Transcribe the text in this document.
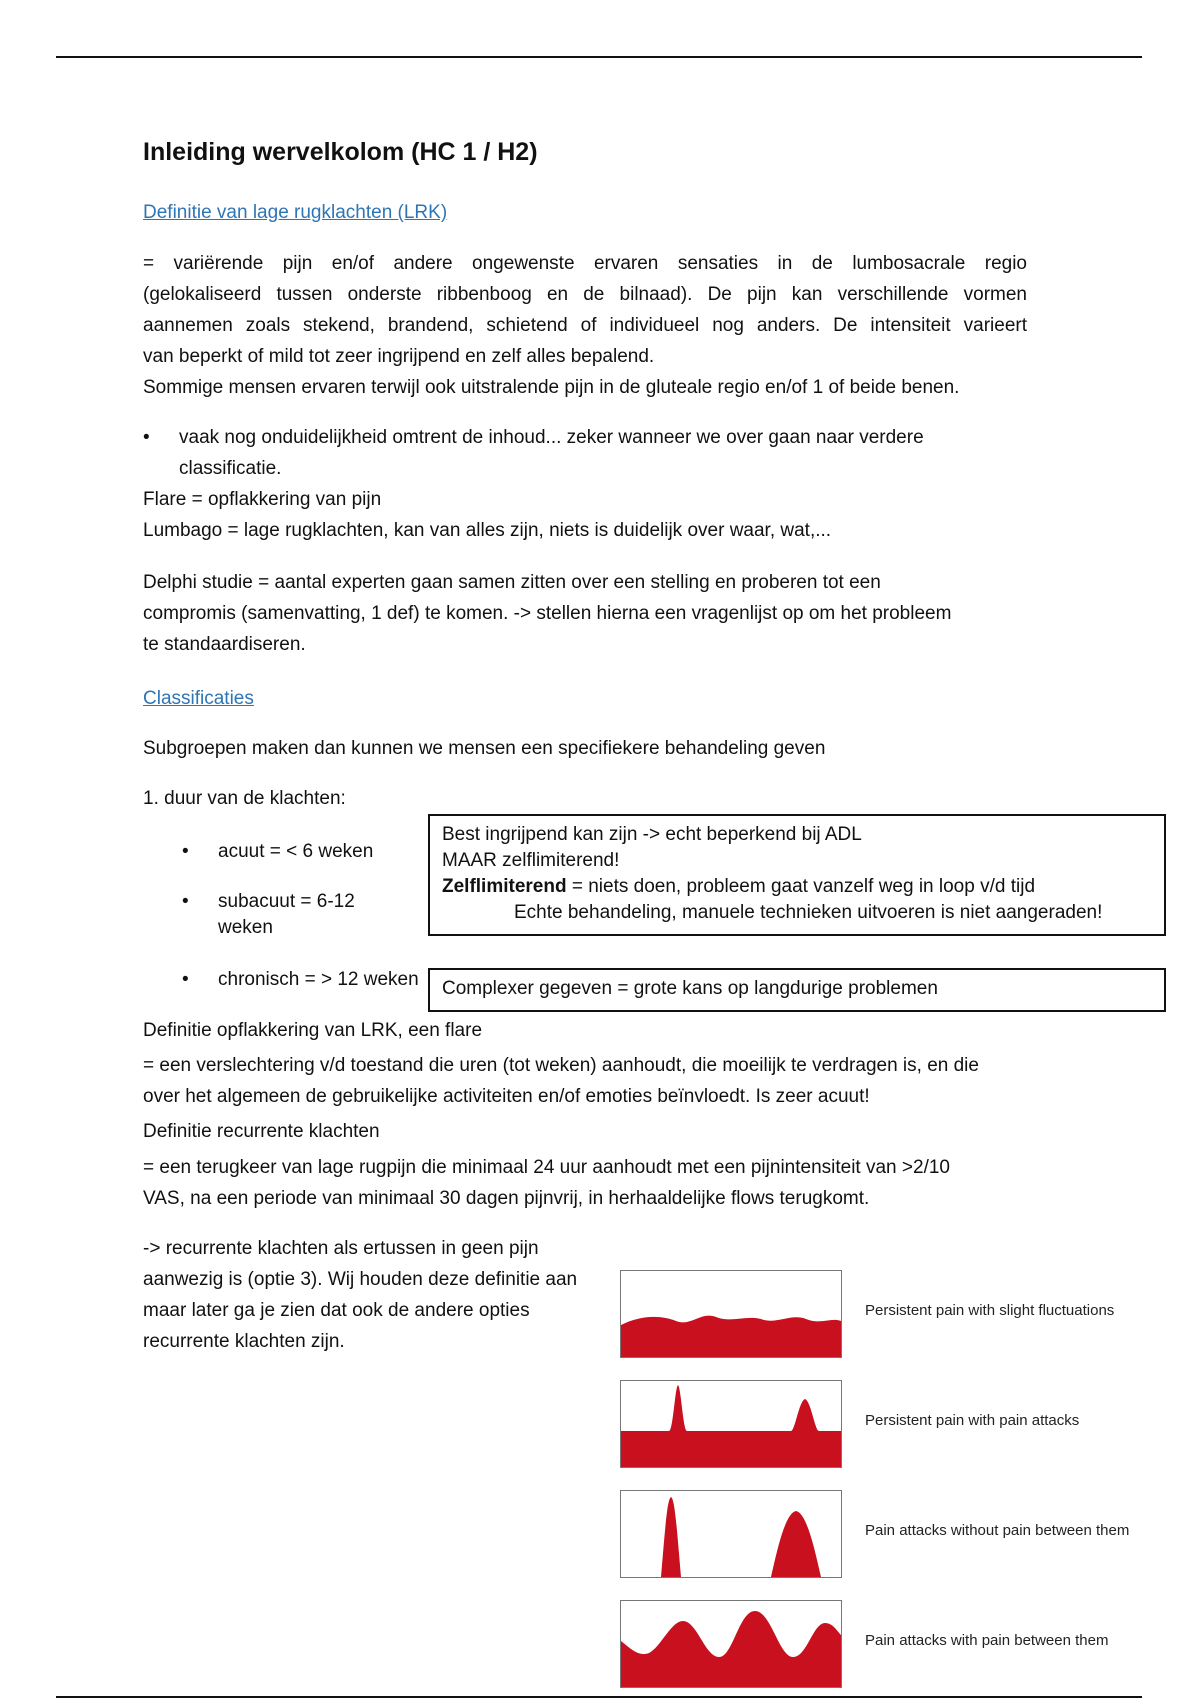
Inleiding wervelkolom (HC 1 / H2)
Definitie van lage rugklachten (LRK)
= variërende pijn en/of andere ongewenste ervaren sensaties in de lumbosacrale regio
(gelokaliseerd tussen onderste ribbenboog en de bilnaad). De pijn kan verschillende vormen
aannemen zoals stekend, brandend, schietend of individueel nog anders. De intensiteit varieert
van beperkt of mild tot zeer ingrijpend en zelf alles bepalend.
Sommige mensen ervaren terwijl ook uitstralende pijn in de gluteale regio en/of 1 of beide benen.
• vaak nog onduidelijkheid omtrent de inhoud... zeker wanneer we over gaan naar verdere
classificatie.
Flare = opflakkering van pijn
Lumbago = lage rugklachten, kan van alles zijn, niets is duidelijk over waar, wat,...
Delphi studie = aantal experten gaan samen zitten over een stelling en proberen tot een
compromis (samenvatting, 1 def) te komen. -> stellen hierna een vragenlijst op om het probleem
te standaardiseren.
Classificaties
Subgroepen maken dan kunnen we mensen een specifiekere behandeling geven
1. duur van de klachten:
• acuut = < 6 weken
• subacuut = 6-12
weken
• chronisch = > 12 weken
Best ingrijpend kan zijn -> echt beperkend bij ADL
MAAR zelflimiterend!
Zelflimiterend = niets doen, probleem gaat vanzelf weg in loop v/d tijd
Echte behandeling, manuele technieken uitvoeren is niet aangeraden!
Complexer gegeven = grote kans op langdurige problemen
Definitie opflakkering van LRK, een flare
= een verslechtering v/d toestand die uren (tot weken) aanhoudt, die moeilijk te verdragen is, en die
over het algemeen de gebruikelijke activiteiten en/of emoties beïnvloedt. Is zeer acuut!
Definitie recurrente klachten
= een terugkeer van lage rugpijn die minimaal 24 uur aanhoudt met een pijnintensiteit van >2/10
VAS, na een periode van minimaal 30 dagen pijnvrij, in herhaaldelijke flows terugkomt.
-> recurrente klachten als ertussen in geen pijn
aanwezig is (optie 3). Wij houden deze definitie aan
maar later ga je zien dat ook de andere opties
recurrente klachten zijn.
Persistent pain with slight fluctuations
Persistent pain with pain attacks
Pain attacks without pain between them
Pain attacks with pain between them
